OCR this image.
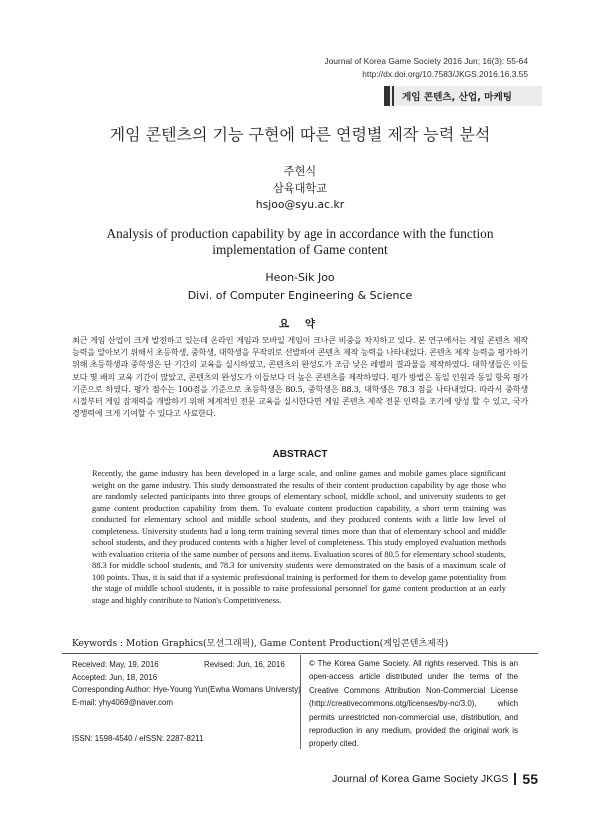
Journal of Korea Game Society 2016 Jun; 16(3): 55-64
http://dx.doi.org/10.7583/JKGS.2016.16.3.55
게임 콘텐츠, 산업, 마케팅
게임 콘텐츠의 기능 구현에 따른 연령별 제작 능력 분석
주현식
삼육대학교
hsjoo@syu.ac.kr
Analysis of production capability by age in accordance with the function
implementation of Game content
Heon-Sik Joo
Divi. of Computer Engineering & Science
요 약
최근 게임 산업이 크게 발전하고 있는데 온라인 게임과 모바일 게임이 크나큰 비중을 차지하고 있다. 본 연구에서는 게임 콘텐츠 제작 능력을 알아보기 위해서 초등학생, 중학생, 대학생을 무작위로 선발하여 콘텐츠 제작 능력을 나타내었다. 콘텐츠 제작 능력을 평가하기 위해 초등학생과 중학생은 단 기간의 교육을 실시하였고, 콘텐츠의 완성도가 조금 낮은 레벨의 결과물을 제작하였다. 대학생들은 이들 보다 몇 배의 교육 기간이 많았고, 콘텐츠의 완성도가 이들보다 더 높은 콘텐츠를 제작하였다. 평가 방법은 동일 인원과 동일 항목 평가 기준으로 하였다. 평가 점수는 100점을 기준으로 초등학생은 80.5, 중학생은 88.3, 대학생은 78.3 점을 나타내었다. 따라서 중학생 시절부터 게임 잠재력을 개발하기 위해 체계적인 전문 교육을 실시한다면 게임 콘텐츠 제작 전문 인력을 조기에 양성 할 수 있고, 국가 경쟁력에 크게 기여할 수 있다고 사료한다.
ABSTRACT
Recently, the game industry has been developed in a large scale, and online games and mobile games place significant weight on the game industry. This study demonstrated the results of their content production capability by age those who are randomly selected participants into three groups of elementary school, middle school, and university students to get game content production capability from them. To evaluate content production capability, a short term training was conducted for elementary school and middle school students, and they produced contents with a little low level of completeness. University students had a long term training several times more than that of elementary school and middle school students, and they produced contents with a higher level of completeness. This study employed evaluation methods with evaluation criteria of the same number of persons and items. Evaluation scores of 80.5 for elementary school students, 88.3 for middle school students, and 78.3 for university students were demonstrated on the basis of a maximum scale of 100 points. Thus, it is said that if a systemic professional training is performed for them to develop game potentiality from the stage of middle school students, it is possible to raise professional personnel for game content production at an early stage and highly contribute to Nation's Competitiveness.
Keywords : Motion Graphics(모션그래픽), Game Content Production(게임콘텐츠제작)
Received: May, 19, 2016	Revised: Jun, 16, 2016
Accepted: Jun, 18, 2016
Corresponding Author: Hye-Young Yun(Ewha Womans Universty)
E-mail: yhy4069@naver.com
ISSN: 1598-4540 / eISSN: 2287-8211
© The Korea Game Society. All rights reserved. This is an open-access article distributed under the terms of the Creative Commons Attribution Non-Commercial License (http://creativecommons.otg/licenses/by-nc/3.0), which permits unrestricted non-commercial use, distribution, and reproduction in any medium, provided the original work is properly cited.
Journal of Korea Game Society JKGS 55
